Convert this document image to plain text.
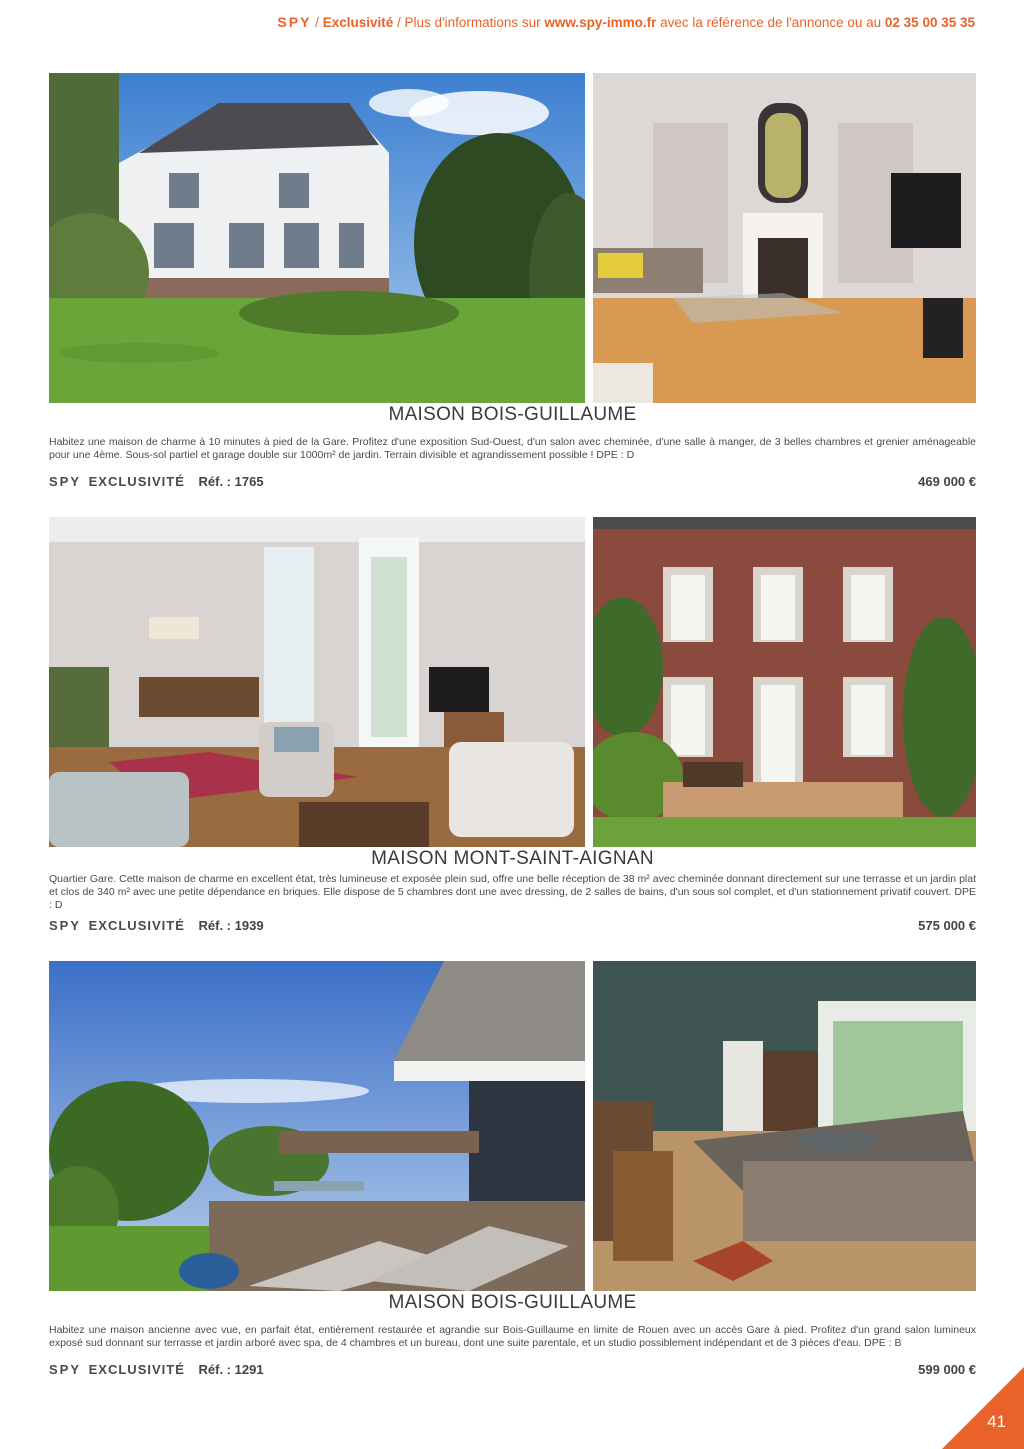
SPY / Exclusivité / Plus d'informations sur www.spy-immo.fr avec la référence de l'annonce ou au 02 35 00 35 35
MAISON BOIS-GUILLAUME
Habitez une maison de charme à 10 minutes à pied de la Gare. Profitez d'une exposition Sud-Ouest, d'un salon avec cheminée, d'une salle à manger, de 3 belles chambres et grenier aménageable pour une 4ème. Sous-sol partiel et garage double sur 1000m² de jardin. Terrain divisible et agrandissement possible ! DPE : D
SPY EXCLUSIVITÉ Réf. : 1765	469 000 €
MAISON MONT-SAINT-AIGNAN
Quartier Gare. Cette maison de charme en excellent état, très lumineuse et exposée plein sud, offre une belle réception de 38 m² avec cheminée donnant directement sur une terrasse et un jardin plat et clos de 340 m² avec une petite dépendance en briques. Elle dispose de 5 chambres dont une avec dressing, de 2 salles de bains, d'un sous sol complet, et d'un stationnement privatif couvert. DPE : D
SPY EXCLUSIVITÉ Réf. : 1939	575 000 €
MAISON BOIS-GUILLAUME
Habitez une maison ancienne avec vue, en parfait état, entièrement restaurée et agrandie sur Bois-Guillaume en limite de Rouen avec un accès Gare à pied. Profitez d'un grand salon lumineux exposé sud donnant sur terrasse et jardin arboré avec spa, de 4 chambres et un bureau, dont une suite parentale, et un studio possiblement indépendant et de 3 pièces d'eau. DPE : B
SPY EXCLUSIVITÉ Réf. : 1291	599 000 €
41
